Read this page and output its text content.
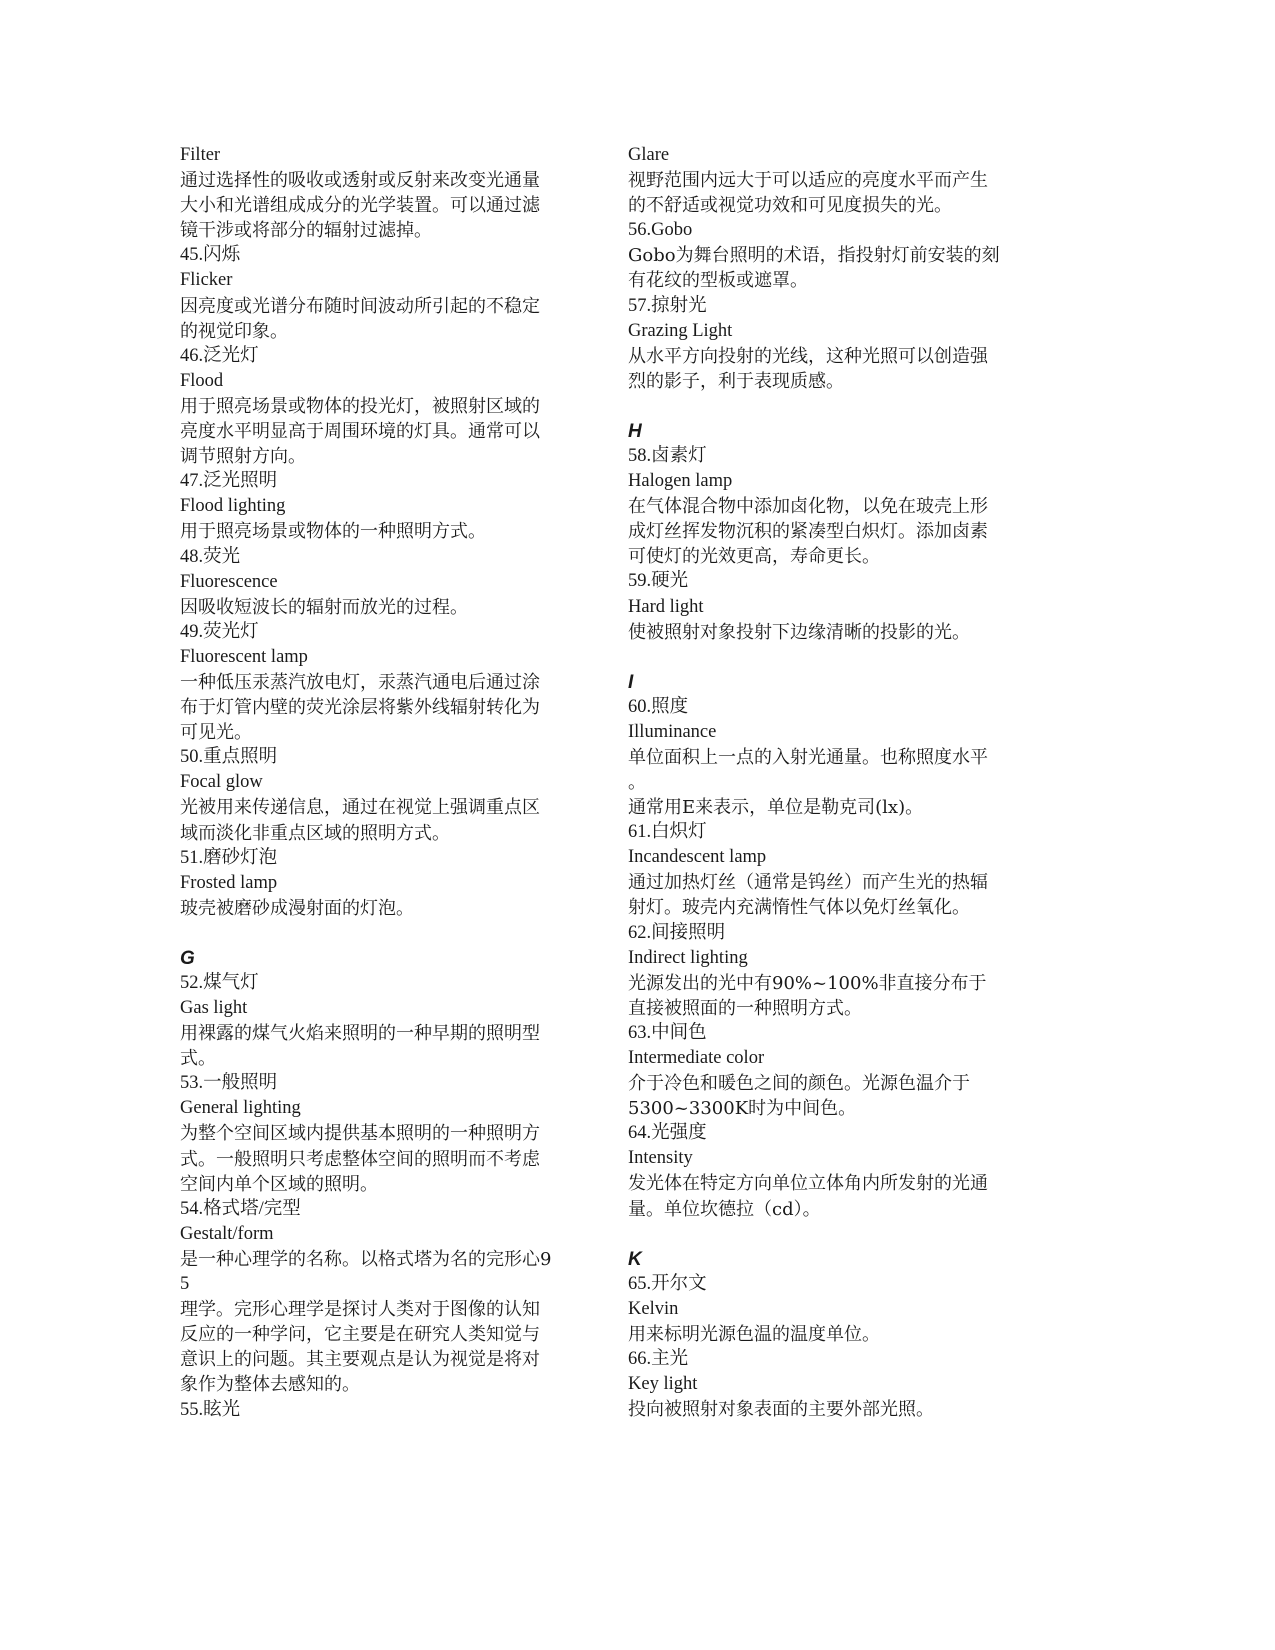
Filter
通过选择性的吸收或透射或反射来改变光通量
大小和光谱组成成分的光学装置。可以通过滤
镜干涉或将部分的辐射过滤掉。
45.闪烁
Flicker
因亮度或光谱分布随时间波动所引起的不稳定
的视觉印象。
46.泛光灯
Flood
用于照亮场景或物体的投光灯，被照射区域的
亮度水平明显高于周围环境的灯具。通常可以
调节照射方向。
47.泛光照明
Flood lighting
用于照亮场景或物体的一种照明方式。
48.荧光
Fluorescence
因吸收短波长的辐射而放光的过程。
49.荧光灯
Fluorescent lamp
一种低压汞蒸汽放电灯，汞蒸汽通电后通过涂
布于灯管内壁的荧光涂层将紫外线辐射转化为
可见光。
50.重点照明
Focal glow
光被用来传递信息，通过在视觉上强调重点区
域而淡化非重点区域的照明方式。
51.磨砂灯泡
Frosted lamp
玻壳被磨砂成漫射面的灯泡。
G
52.煤气灯
Gas light
用裸露的煤气火焰来照明的一种早期的照明型
式。
53.一般照明
General lighting
为整个空间区域内提供基本照明的一种照明方
式。一般照明只考虑整体空间的照明而不考虑
空间内单个区域的照明。
54.格式塔/完型
Gestalt/form
是一种心理学的名称。以格式塔为名的完形心9
5
理学。完形心理学是探讨人类对于图像的认知
反应的一种学问，它主要是在研究人类知觉与
意识上的问题。其主要观点是认为视觉是将对
象作为整体去感知的。
55.眩光
Glare
视野范围内远大于可以适应的亮度水平而产生
的不舒适或视觉功效和可见度损失的光。
56.Gobo
Gobo为舞台照明的术语，指投射灯前安装的刻
有花纹的型板或遮罩。
57.掠射光
Grazing Light
从水平方向投射的光线，这种光照可以创造强
烈的影子，利于表现质感。
H
58.卤素灯
Halogen lamp
在气体混合物中添加卤化物，以免在玻壳上形
成灯丝挥发物沉积的紧凑型白炽灯。添加卤素
可使灯的光效更高，寿命更长。
59.硬光
Hard light
使被照射对象投射下边缘清晰的投影的光。
I
60.照度
Illuminance
单位面积上一点的入射光通量。也称照度水平
。
通常用E来表示，单位是勒克司(lx)。
61.白炽灯
Incandescent lamp
通过加热灯丝（通常是钨丝）而产生光的热辐
射灯。玻壳内充满惰性气体以免灯丝氧化。
62.间接照明
Indirect lighting
光源发出的光中有90%~100%非直接分布于
直接被照面的一种照明方式。
63.中间色
Intermediate color
介于冷色和暖色之间的颜色。光源色温介于
5300~3300K时为中间色。
64.光强度
Intensity
发光体在特定方向单位立体角内所发射的光通
量。单位坎德拉（cd）。
K
65.开尔文
Kelvin
用来标明光源色温的温度单位。
66.主光
Key light
投向被照射对象表面的主要外部光照。
